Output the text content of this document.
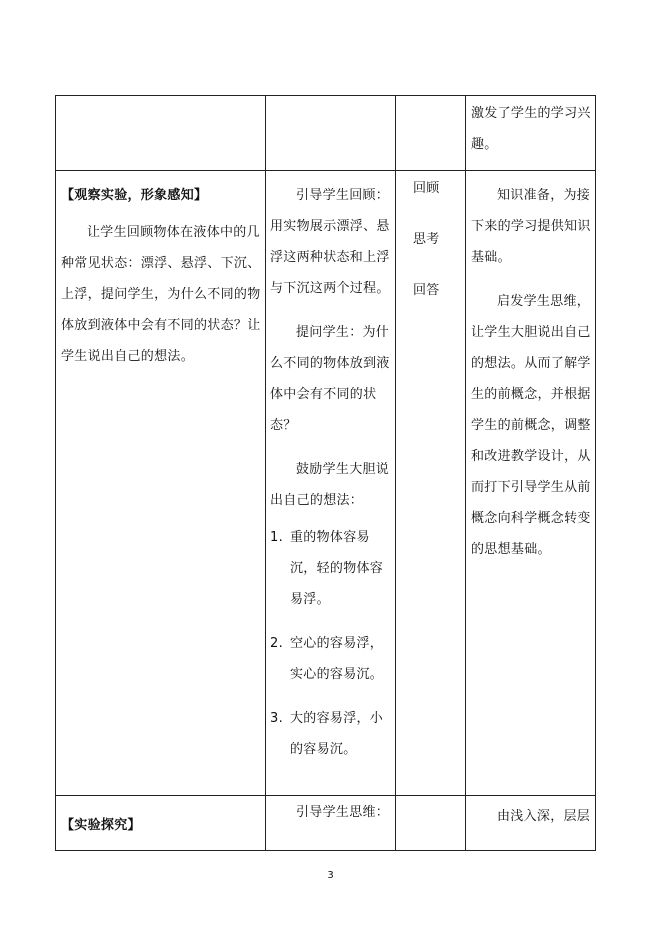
激发了学生的学习兴趣。

【观察实验，形象感知】

让学生回顾物体在液体中的几种常见状态：漂浮、悬浮、下沉、上浮，提问学生，为什么不同的物体放到液体中会有不同的状态？让学生说出自己的想法。

引导学生回顾：用实物展示漂浮、悬浮这两种状态和上浮与下沉这两个过程。

提问学生：为什么不同的物体放到液体中会有不同的状态？

鼓励学生大胆说出自己的想法：

1. 重的物体容易沉，轻的物体容易浮。
2. 空心的容易浮，实心的容易沉。
3. 大的容易浮，小的容易沉。

回顾

思考

回答

知识准备，为接下来的学习提供知识基础。

启发学生思维，让学生大胆说出自己的想法。从而了解学生的前概念，并根据学生的前概念，调整和改进教学设计，从而打下引导学生从前概念向科学概念转变的思想基础。

【实验探究】

引导学生思维：	由浅入深，层层

3
